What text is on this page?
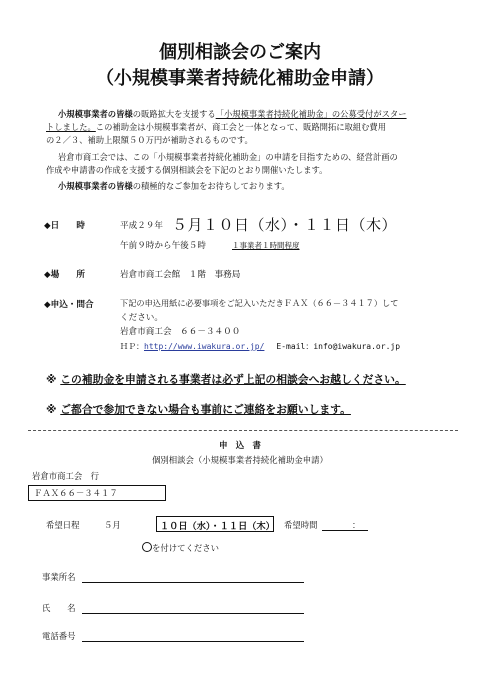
個別相談会のご案内
（小規模事業者持続化補助金申請）
小規模事業者の皆様の販路拡大を支援する「小規模事業者持続化補助金」の公募受付がスター
トしました。この補助金は小規模事業者が、商工会と一体となって、販路開拓に取組む費用
の２／３、補助上限額５０万円が補助されるものです。
岩倉市商工会では、この「小規模事業者持続化補助金」の申請を目指すための、経営計画の
作成や申請書の作成を支援する個別相談会を下記のとおり開催いたします。
小規模事業者の皆様の積極的なご参加をお待ちしております。
◆日　　時	平成２９年 ５月１０日（水）・１１日（木）
午前９時から午後５時	１事業者１時間程度
◆場　　所	岩倉市商工会館　１階　事務局
◆申込・問合	下記の申込用紙に必要事項をご記入いただきＦＡＸ（６６－３４１７）して
ください。
岩倉市商工会　６６－３４００
ＨＰ：http://www.iwakura.or.jp/ E-mail：info@iwakura.or.jp
※ この補助金を申請される事業者は必ず上記の相談会へお越しください。
※ ご都合で参加できない場合も事前にご連絡をお願いします。
申　込　書
個別相談会（小規模事業者持続化補助金申請）
岩倉市商工会　行
ＦＡＸ６６－３４１７
希望日程	５月	１０日（水）・１１日（木） 希望時間	：
を付けてください
事業所名
氏　　名
電話番号
